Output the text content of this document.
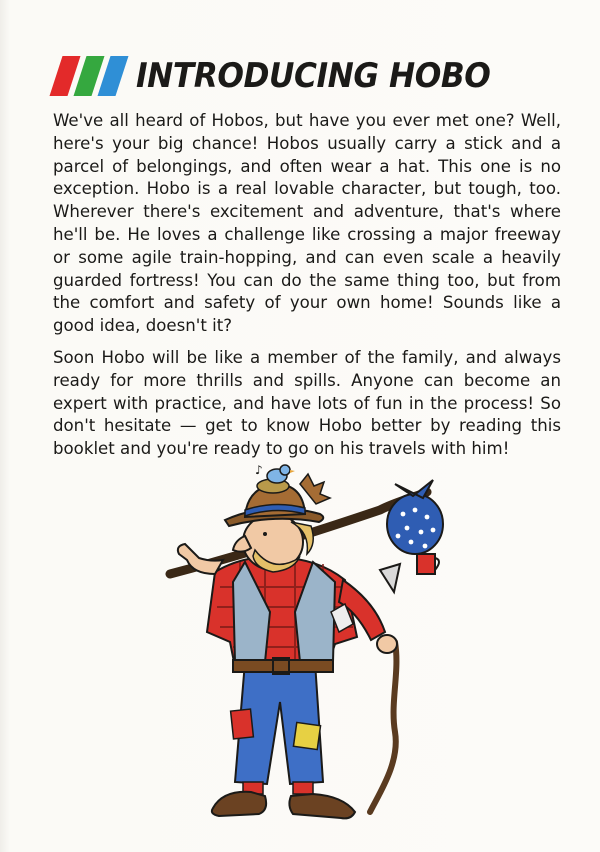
INTRODUCING HOBO

We've all heard of Hobos, but have you ever met one? Well, here's your big chance! Hobos usually carry a stick and a parcel of belongings, and often wear a hat. This one is no exception. Hobo is a real lovable character, but tough, too. Wherever there's excitement and adventure, that's where he'll be. He loves a challenge like crossing a major freeway or some agile train-hopping, and can even scale a heavily guarded fortress! You can do the same thing too, but from the comfort and safety of your own home! Sounds like a good idea, doesn't it?

Soon Hobo will be like a member of the family, and always ready for more thrills and spills. Anyone can become an expert with practice, and have lots of fun in the process! So don't hesitate — get to know Hobo better by reading this booklet and you're ready to go on his travels with him!

♪
